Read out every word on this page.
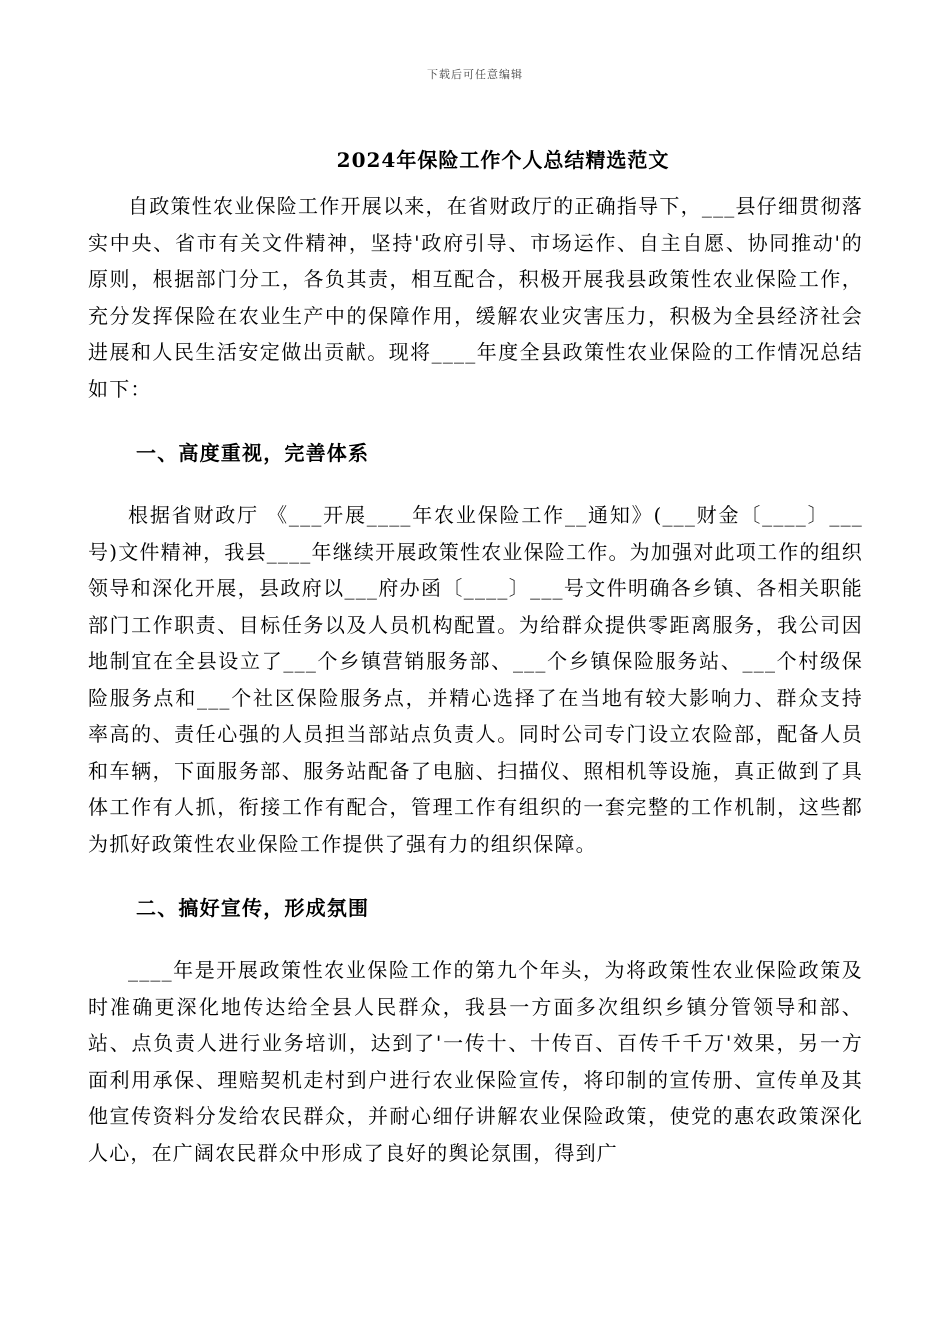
下载后可任意编辑
2024年保险工作个人总结精选范文

自政策性农业保险工作开展以来，在省财政厅的正确指导下，___县仔细贯彻落实中央、省市有关文件精神，坚持'政府引导、市场运作、自主自愿、协同推动'的原则，根据部门分工，各负其责，相互配合，积极开展我县政策性农业保险工作，充分发挥保险在农业生产中的保障作用，缓解农业灾害压力，积极为全县经济社会进展和人民生活安定做出贡献。现将____年度全县政策性农业保险的工作情况总结如下：

一、高度重视，完善体系

根据省财政厅 《___开展____年农业保险工作__通知》(___财金〔____〕___号)文件精神，我县____年继续开展政策性农业保险工作。为加强对此项工作的组织领导和深化开展，县政府以___府办函〔____〕___号文件明确各乡镇、各相关职能部门工作职责、目标任务以及人员机构配置。为给群众提供零距离服务，我公司因地制宜在全县设立了___个乡镇营销服务部、___个乡镇保险服务站、___个村级保险服务点和___个社区保险服务点，并精心选择了在当地有较大影响力、群众支持率高的、责任心强的人员担当部站点负责人。同时公司专门设立农险部，配备人员和车辆，下面服务部、服务站配备了电脑、扫描仪、照相机等设施，真正做到了具体工作有人抓，衔接工作有配合，管理工作有组织的一套完整的工作机制，这些都为抓好政策性农业保险工作提供了强有力的组织保障。

二、搞好宣传，形成氛围

____年是开展政策性农业保险工作的第九个年头，为将政策性农业保险政策及时准确更深化地传达给全县人民群众，我县一方面多次组织乡镇分管领导和部、站、点负责人进行业务培训，达到了'一传十、十传百、百传千千万'效果，另一方面利用承保、理赔契机走村到户进行农业保险宣传，将印制的宣传册、宣传单及其他宣传资料分发给农民群众，并耐心细仔讲解农业保险政策，使党的惠农政策深化人心，在广阔农民群众中形成了良好的舆论氛围，得到广
